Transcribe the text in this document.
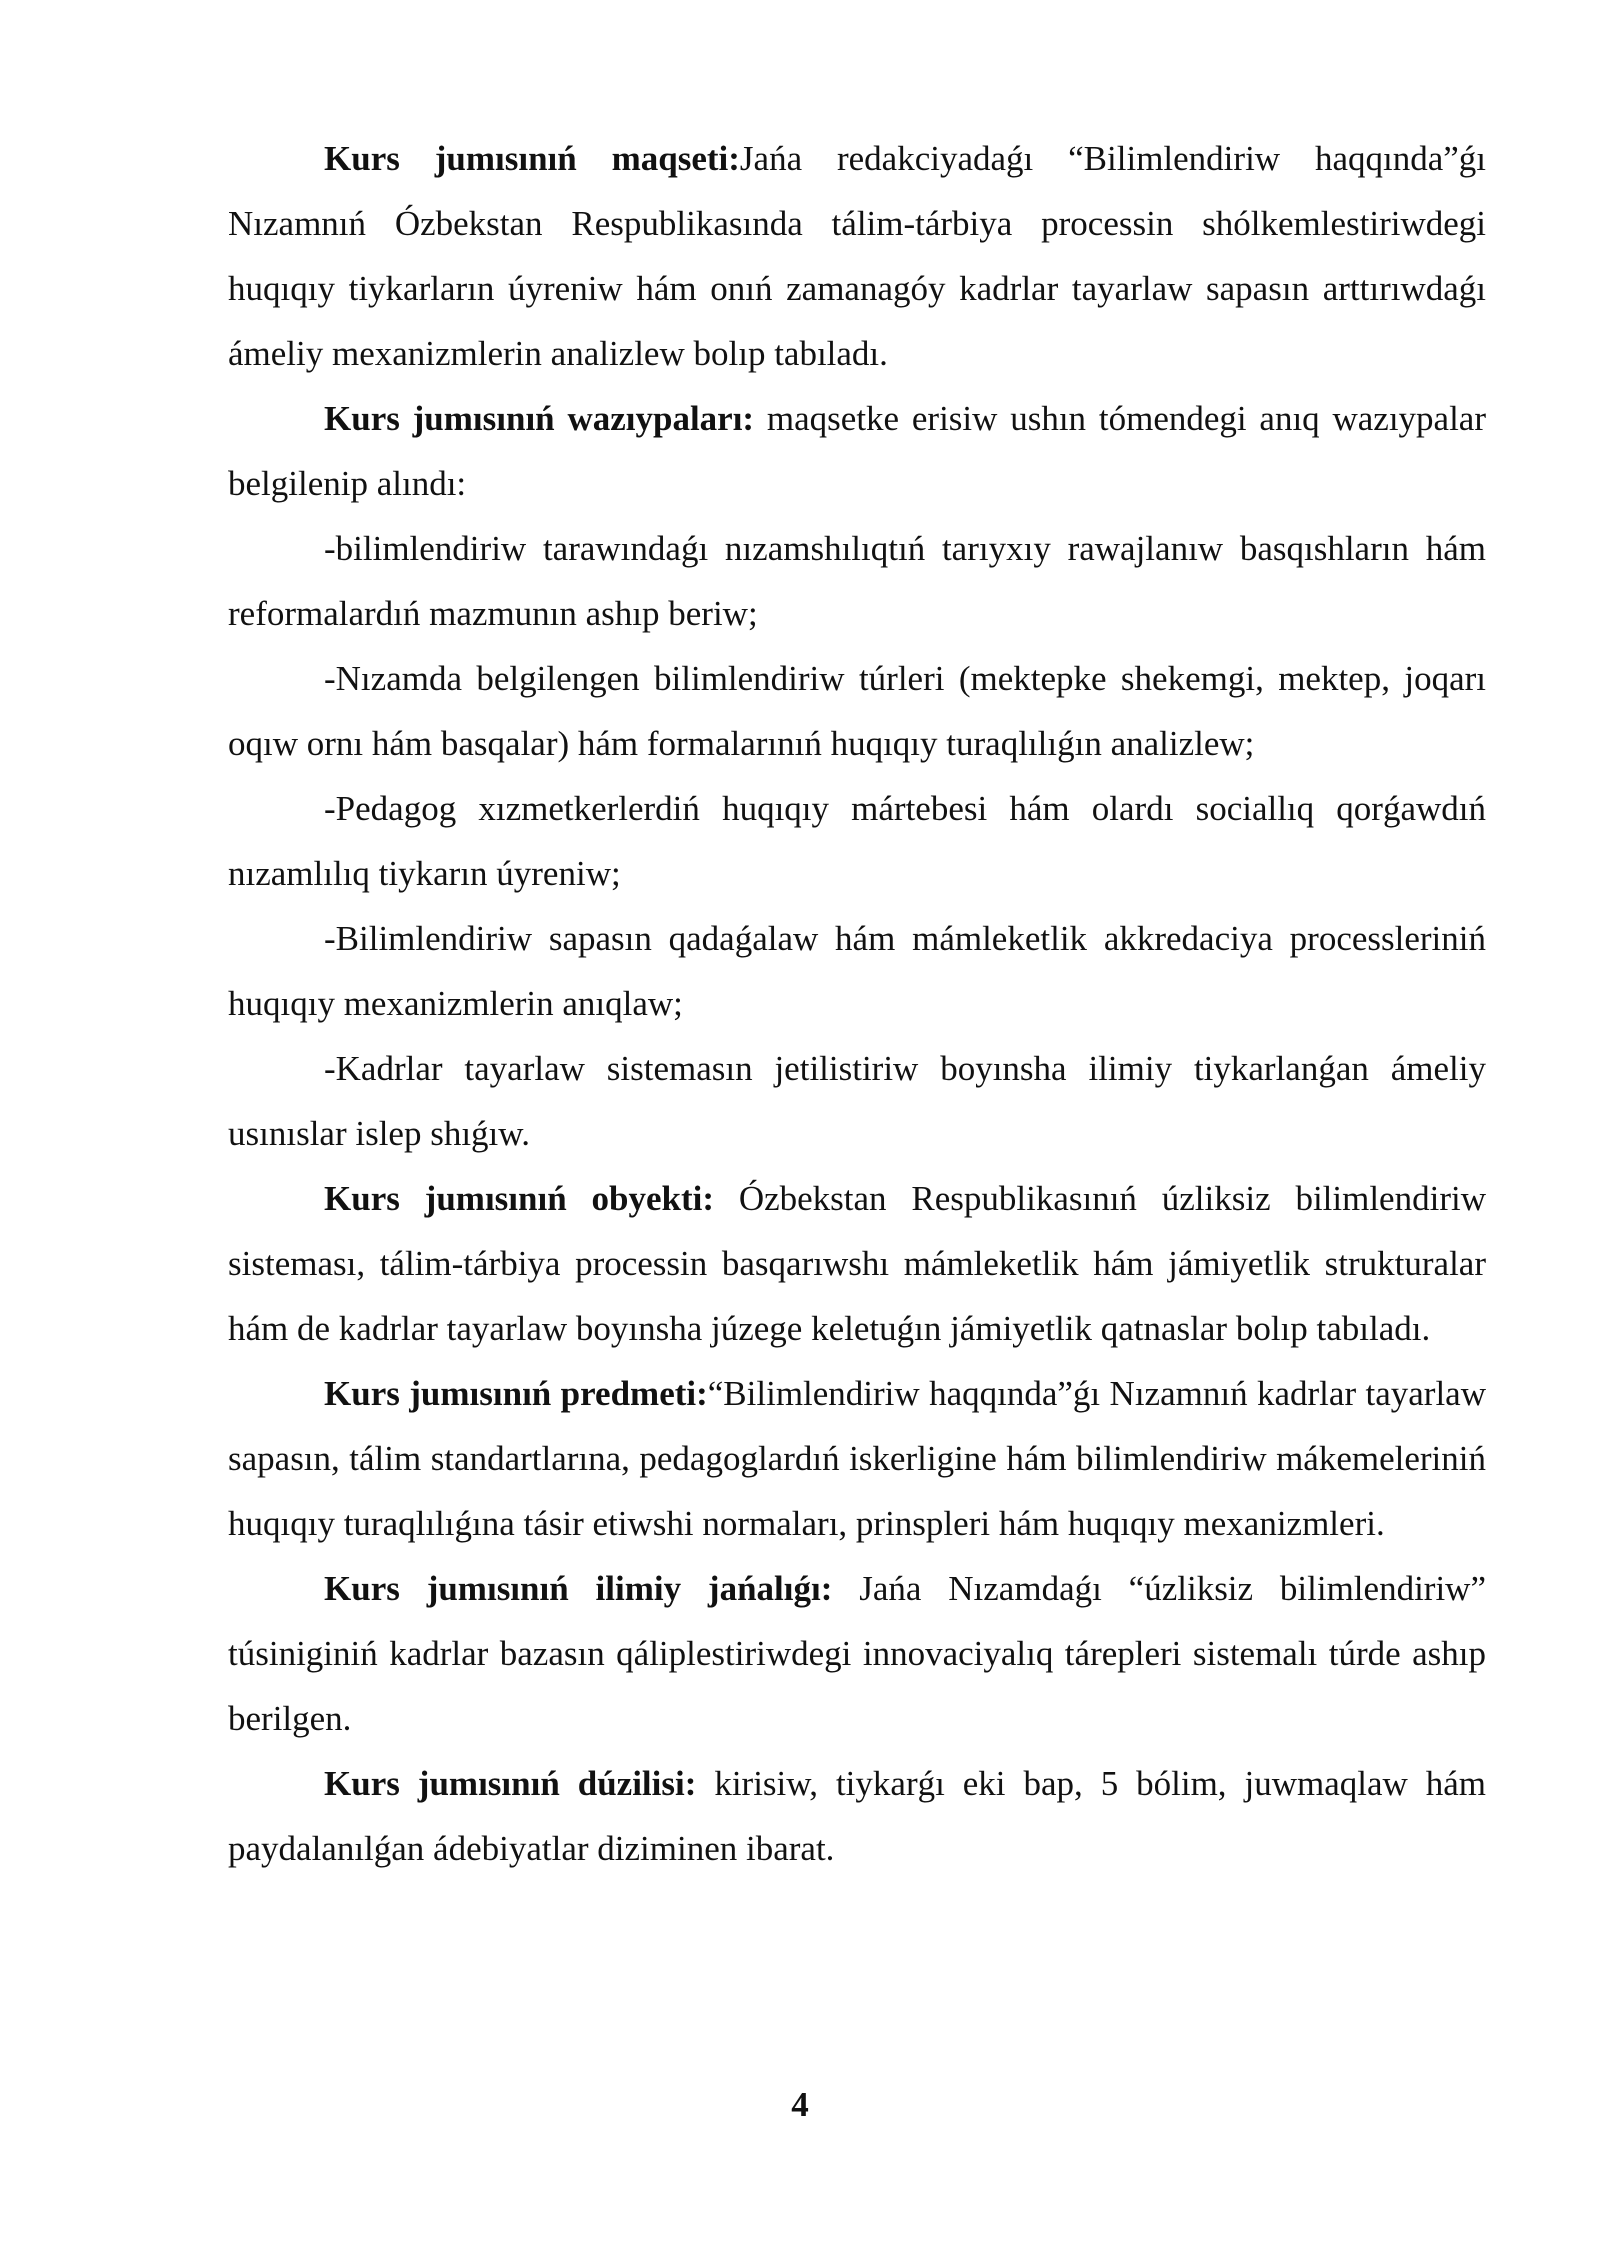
Kurs jumısınıń maqseti:Jańa redakciyadaǵı “Bilimlendiriw haqqında”ǵı Nızamnıń Ózbekstan Respublikasında tálim-tárbiya processin shólkemlestiriwdegi huqıqıy tiykarların úyreniw hám onıń zamanagóy kadrlar tayarlaw sapasın arttırıwdaǵı ámeliy mexanizmlerin analizlew bolıp tabıladı.

Kurs jumısınıń wazıypaları: maqsetke erisiw ushın tómendegi anıq wazıypalar belgilenip alındı:

-bilimlendiriw tarawındaǵı nızamshılıqtıń tarıyxıy rawajlanıw basqıshların hám reformalardıń mazmunın ashıp beriw;

-Nızamda belgilengen bilimlendiriw túrleri (mektepke shekemgi, mektep, joqarı oqıw ornı hám basqalar) hám formalarınıń huqıqıy turaqlılıǵın analizlew;

-Pedagog xızmetkerlerdiń huqıqıy mártebesi hám olardı sociallıq qorǵawdıń nızamlılıq tiykarın úyreniw;

-Bilimlendiriw sapasın qadaǵalaw hám mámleketlik akkredaciya processleriniń huqıqıy mexanizmlerin anıqlaw;

-Kadrlar tayarlaw sistemasın jetilistiriw boyınsha ilimiy tiykarlanǵan ámeliy usınıslar islep shıǵıw.

Kurs jumısınıń obyekti: Ózbekstan Respublikasınıń úzliksiz bilimlendiriw sisteması, tálim-tárbiya processin basqarıwshı mámleketlik hám jámiyetlik strukturalar hám de kadrlar tayarlaw boyınsha júzege keletuǵın jámiyetlik qatnaslar bolıp tabıladı.

Kurs jumısınıń predmeti:“Bilimlendiriw haqqında”ǵı Nızamnıń kadrlar tayarlaw sapasın, tálim standartlarına, pedagoglardıń iskerligine hám bilimlendiriw mákemeleriniń huqıqıy turaqlılıǵına tásir etiwshi normaları, prinspleri hám huqıqıy mexanizmleri.

Kurs jumısınıń ilimiy jańalıǵı: Jańa Nızamdaǵı “úzliksiz bilimlendiriw” túsiniginiń kadrlar bazasın qáliplestiriwdegi innovaciyalıq tárepleri sistemalı túrde ashıp berilgen.

Kurs jumısınıń dúzilisi: kirisiw, tiykarǵı eki bap, 5 bólim, juwmaqlaw hám paydalanılǵan ádebiyatlar diziminen ibarat.

4
